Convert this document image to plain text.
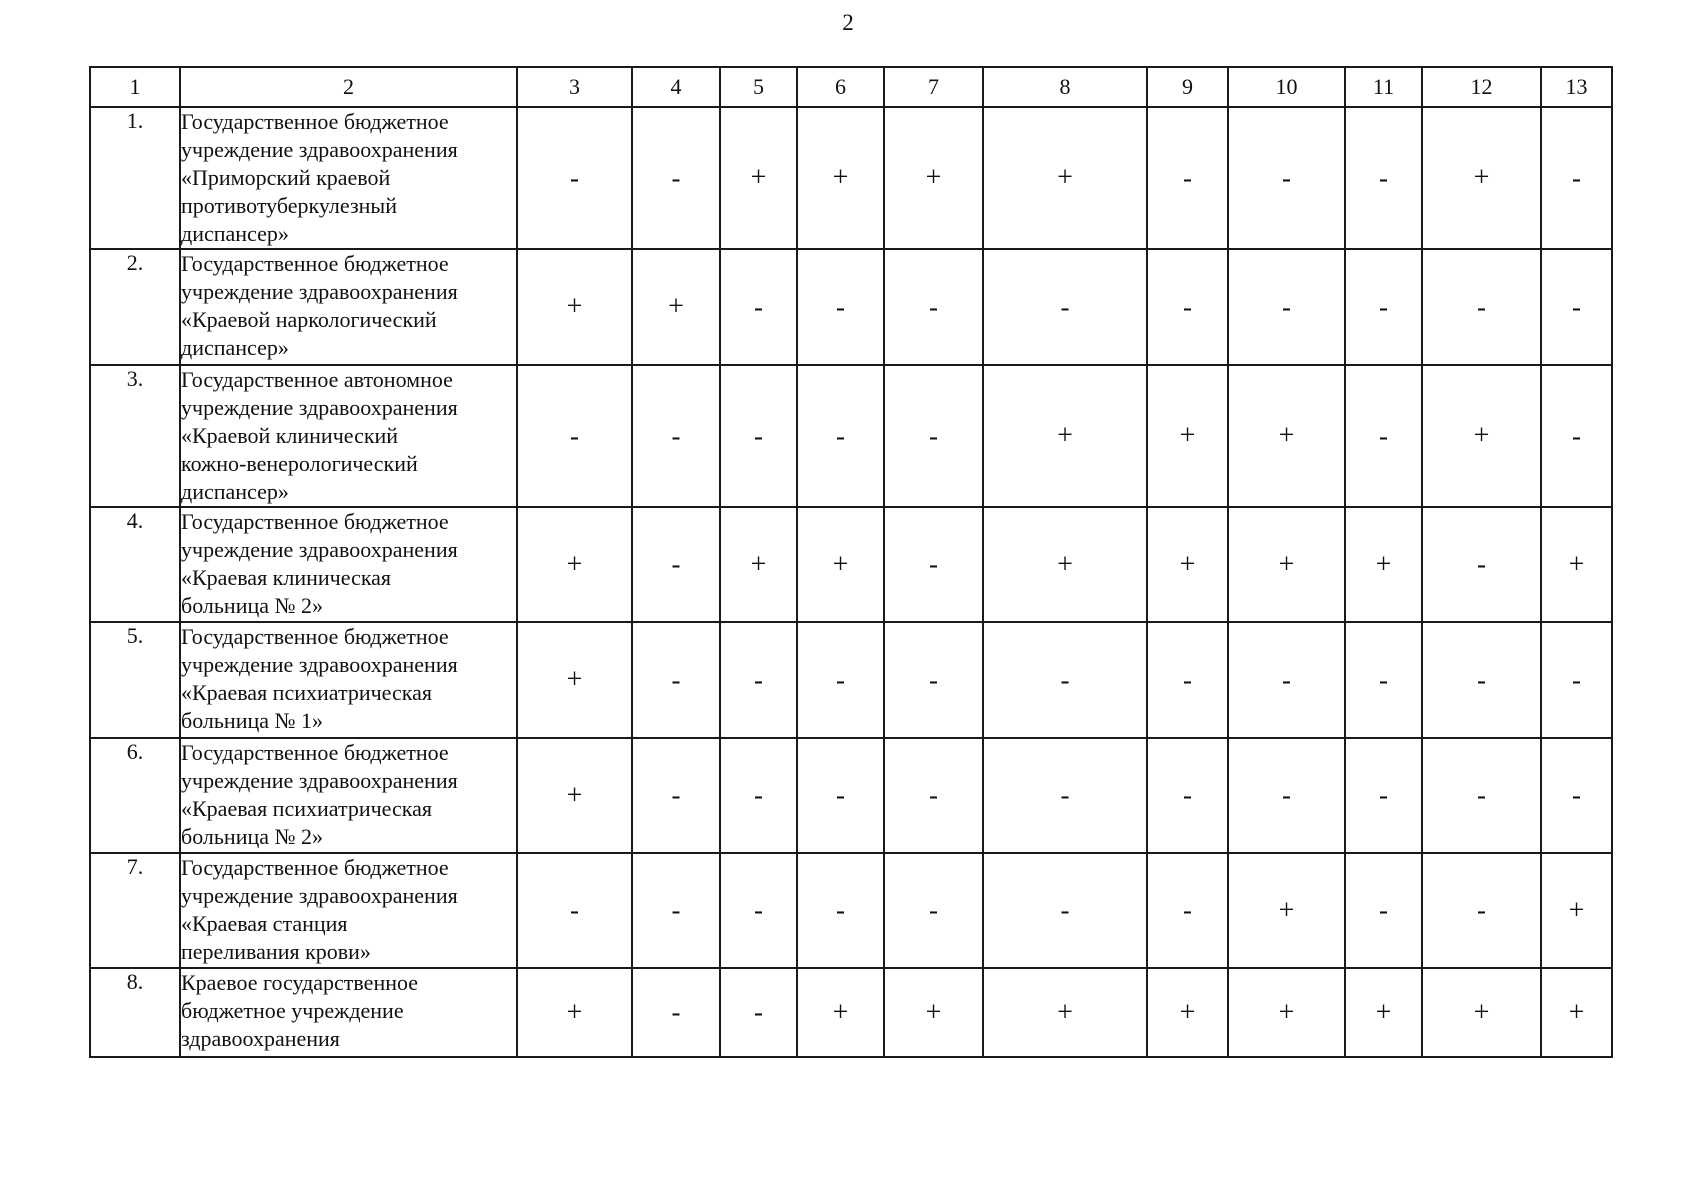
2
1	2	3	4	5	6	7	8	9	10	11	12	13
1.	Государственное бюджетное
учреждение здравоохранения
«Приморский краевой
противотуберкулезный
диспансер»	-	-	+	+	+	+	-	-	-	+	-
2.	Государственное бюджетное
учреждение здравоохранения
«Краевой наркологический
диспансер»	+	+	-	-	-	-	-	-	-	-	-
3.	Государственное автономное
учреждение здравоохранения
«Краевой клинический
кожно-венерологический
диспансер»	-	-	-	-	-	+	+	+	-	+	-
4.	Государственное бюджетное
учреждение здравоохранения
«Краевая клиническая
больница № 2»	+	-	+	+	-	+	+	+	+	-	+
5.	Государственное бюджетное
учреждение здравоохранения
«Краевая психиатрическая
больница № 1»	+	-	-	-	-	-	-	-	-	-	-
6.	Государственное бюджетное
учреждение здравоохранения
«Краевая психиатрическая
больница № 2»	+	-	-	-	-	-	-	-	-	-	-
7.	Государственное бюджетное
учреждение здравоохранения
«Краевая станция
переливания крови»	-	-	-	-	-	-	-	+	-	-	+
8.	Краевое государственное
бюджетное учреждение
здравоохранения	+	-	-	+	+	+	+	+	+	+	+
